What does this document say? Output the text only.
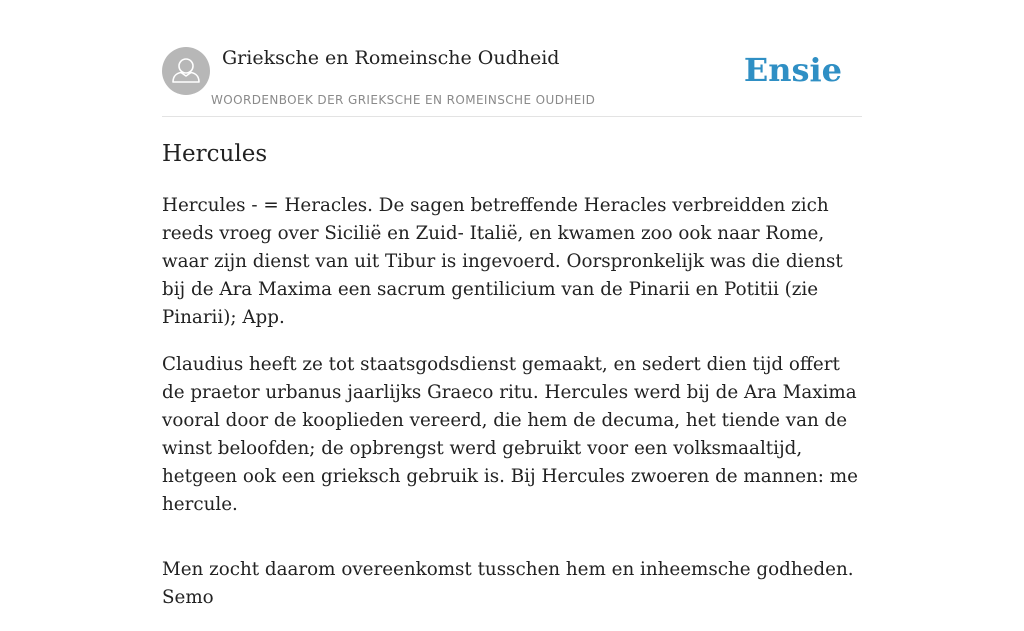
Grieksche en Romeinsche Oudheid
WOORDENBOEK DER GRIEKSCHE EN ROMEINSCHE OUDHEID
Ensie
Hercules

Hercules - = Heracles. De sagen betreffende Heracles verbreidden zich reeds vroeg over Sicilië en Zuid- Italië, en kwamen zoo ook naar Rome, waar zijn dienst van uit Tibur is ingevoerd. Oorspronkelijk was die dienst bij de Ara Maxima een sacrum gentilicium van de Pinarii en Potitii (zie Pinarii); App.

Claudius heeft ze tot staatsgodsdienst gemaakt, en sedert dien tijd offert de praetor urbanus jaarlijks Graeco ritu. Hercules werd bij de Ara Maxima vooral door de kooplieden vereerd, die hem de decuma, het tiende van de winst beloofden; de opbrengst werd gebruikt voor een volksmaaltijd, hetgeen ook een grieksch gebruik is. Bij Hercules zwoeren de mannen: me hercule.

Men zocht daarom overeenkomst tusschen hem en inheemsche godheden. Semo
